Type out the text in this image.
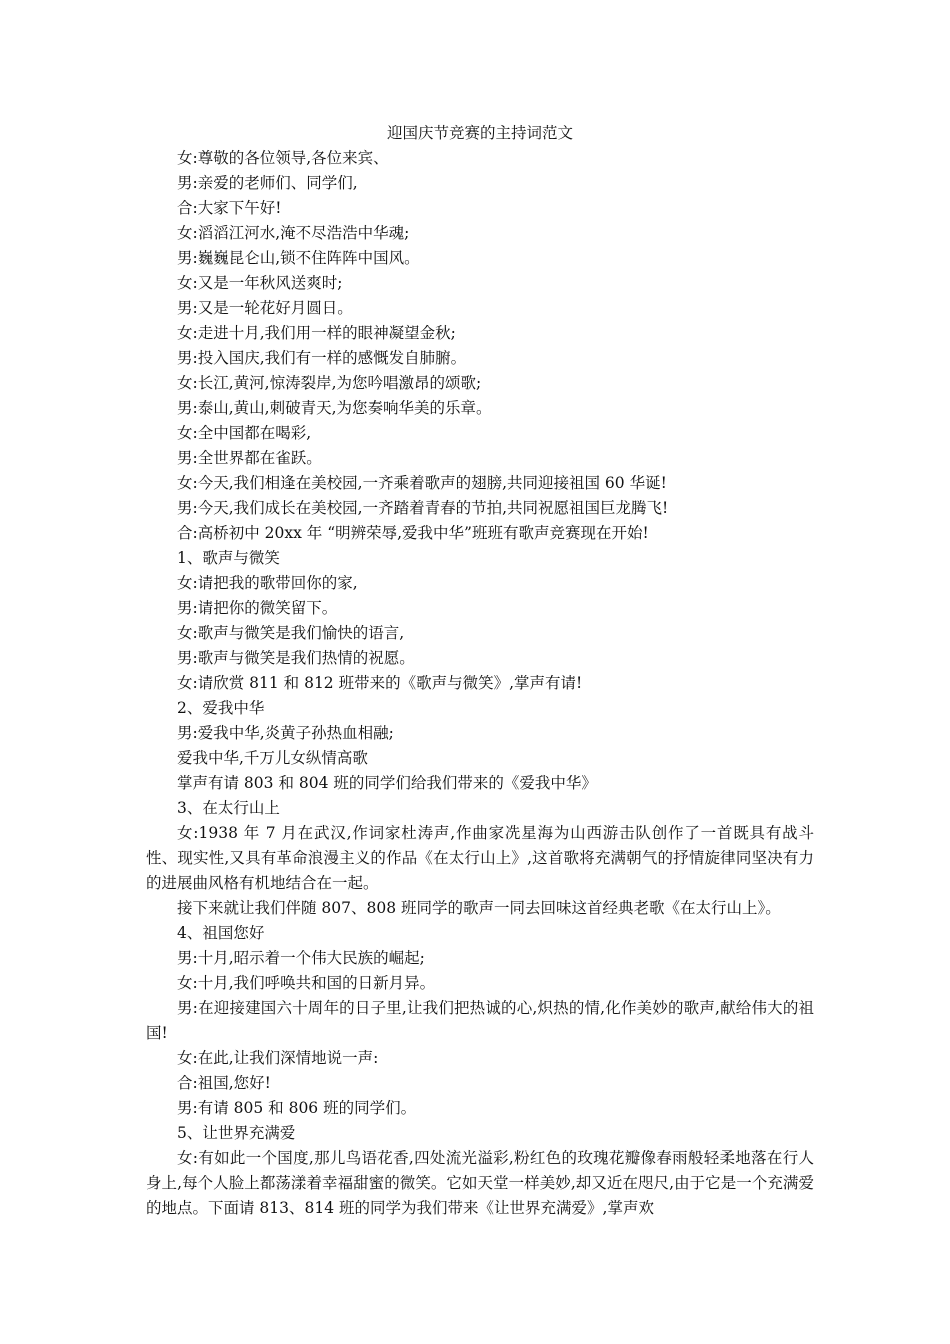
迎国庆节竞赛的主持词范文

女:尊敬的各位领导,各位来宾、

男:亲爱的老师们、同学们,

合:大家下午好!

女:滔滔江河水,淹不尽浩浩中华魂;

男:巍巍昆仑山,锁不住阵阵中国风。

女:又是一年秋风送爽时;

男:又是一轮花好月圆日。

女:走进十月,我们用一样的眼神凝望金秋;

男:投入国庆,我们有一样的感慨发自肺腑。

女:长江,黄河,惊涛裂岸,为您吟唱激昂的颂歌;

男:泰山,黄山,刺破青天,为您奏响华美的乐章。

女:全中国都在喝彩,

男:全世界都在雀跃。

女:今天,我们相逢在美校园,一齐乘着歌声的翅膀,共同迎接祖国 60 华诞!

男:今天,我们成长在美校园,一齐踏着青春的节拍,共同祝愿祖国巨龙腾飞!

合:高桥初中 20xx 年 “明辨荣辱,爱我中华”班班有歌声竞赛现在开始!

1、歌声与微笑

女:请把我的歌带回你的家,

男:请把你的微笑留下。

女:歌声与微笑是我们愉快的语言,

男:歌声与微笑是我们热情的祝愿。

女:请欣赏 811 和 812 班带来的《歌声与微笑》,掌声有请!

2、爱我中华

男:爱我中华,炎黄子孙热血相融;

爱我中华,千万儿女纵情高歌

掌声有请 803 和 804 班的同学们给我们带来的《爱我中华》

3、在太行山上

女:1938 年 7 月在武汉,作词家杜涛声,作曲家冼星海为山西游击队创作了一首既具有战斗性、现实性,又具有革命浪漫主义的作品《在太行山上》,这首歌将充满朝气的抒情旋律同坚决有力的进展曲风格有机地结合在一起。

接下来就让我们伴随 807、808 班同学的歌声一同去回味这首经典老歌《在太行山上》。

4、祖国您好

男:十月,昭示着一个伟大民族的崛起;

女:十月,我们呼唤共和国的日新月异。

男:在迎接建国六十周年的日子里,让我们把热诚的心,炽热的情,化作美妙的歌声,献给伟大的祖国!

女:在此,让我们深情地说一声:

合:祖国,您好!

男:有请 805 和 806 班的同学们。

5、让世界充满爱

女:有如此一个国度,那儿鸟语花香,四处流光溢彩,粉红色的玫瑰花瓣像春雨般轻柔地落在行人身上,每个人脸上都荡漾着幸福甜蜜的微笑。它如天堂一样美妙,却又近在咫尺,由于它是一个充满爱的地点。下面请 813、814 班的同学为我们带来《让世界充满爱》,掌声欢
